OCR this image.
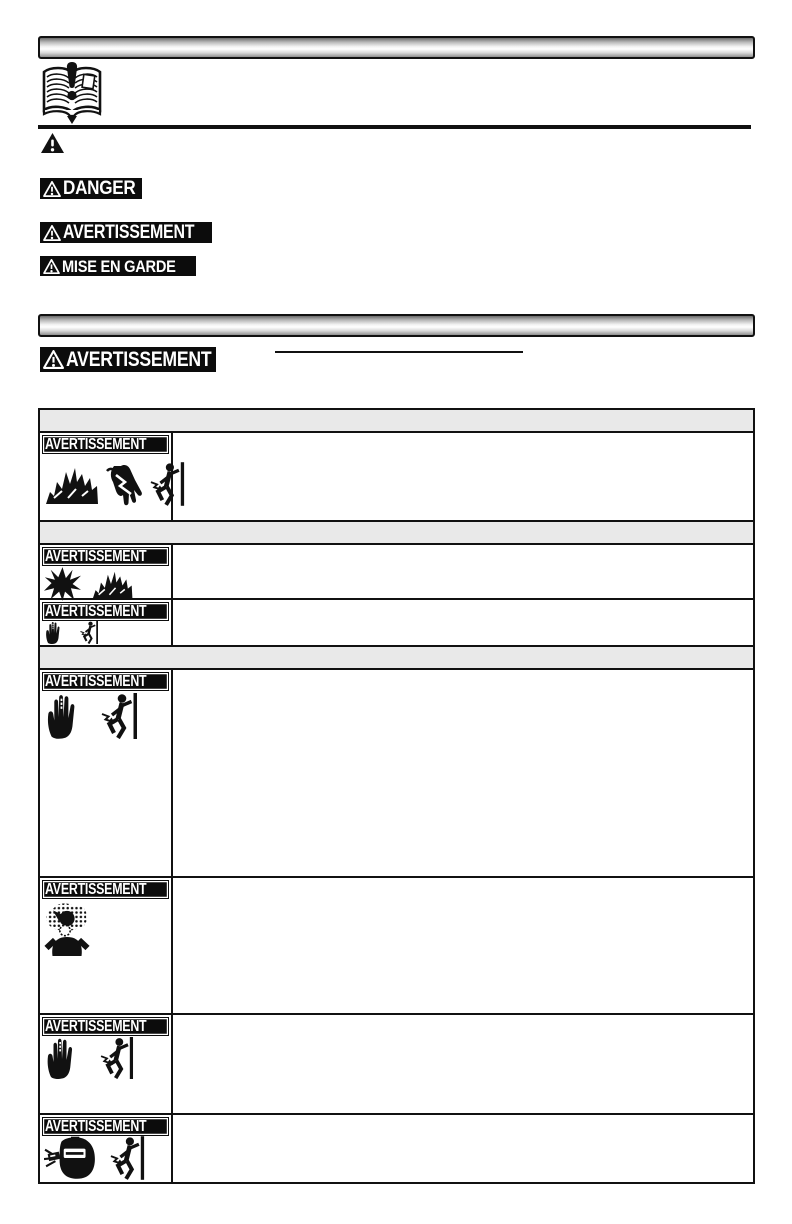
DANGER
AVERTISSEMENT
MISE EN GARDE
AVERTISSEMENT
AVERTISSEMENT
AVERTISSEMENT
AVERTISSEMENT
AVERTISSEMENT
AVERTISSEMENT
AVERTISSEMENT
AVERTISSEMENT
